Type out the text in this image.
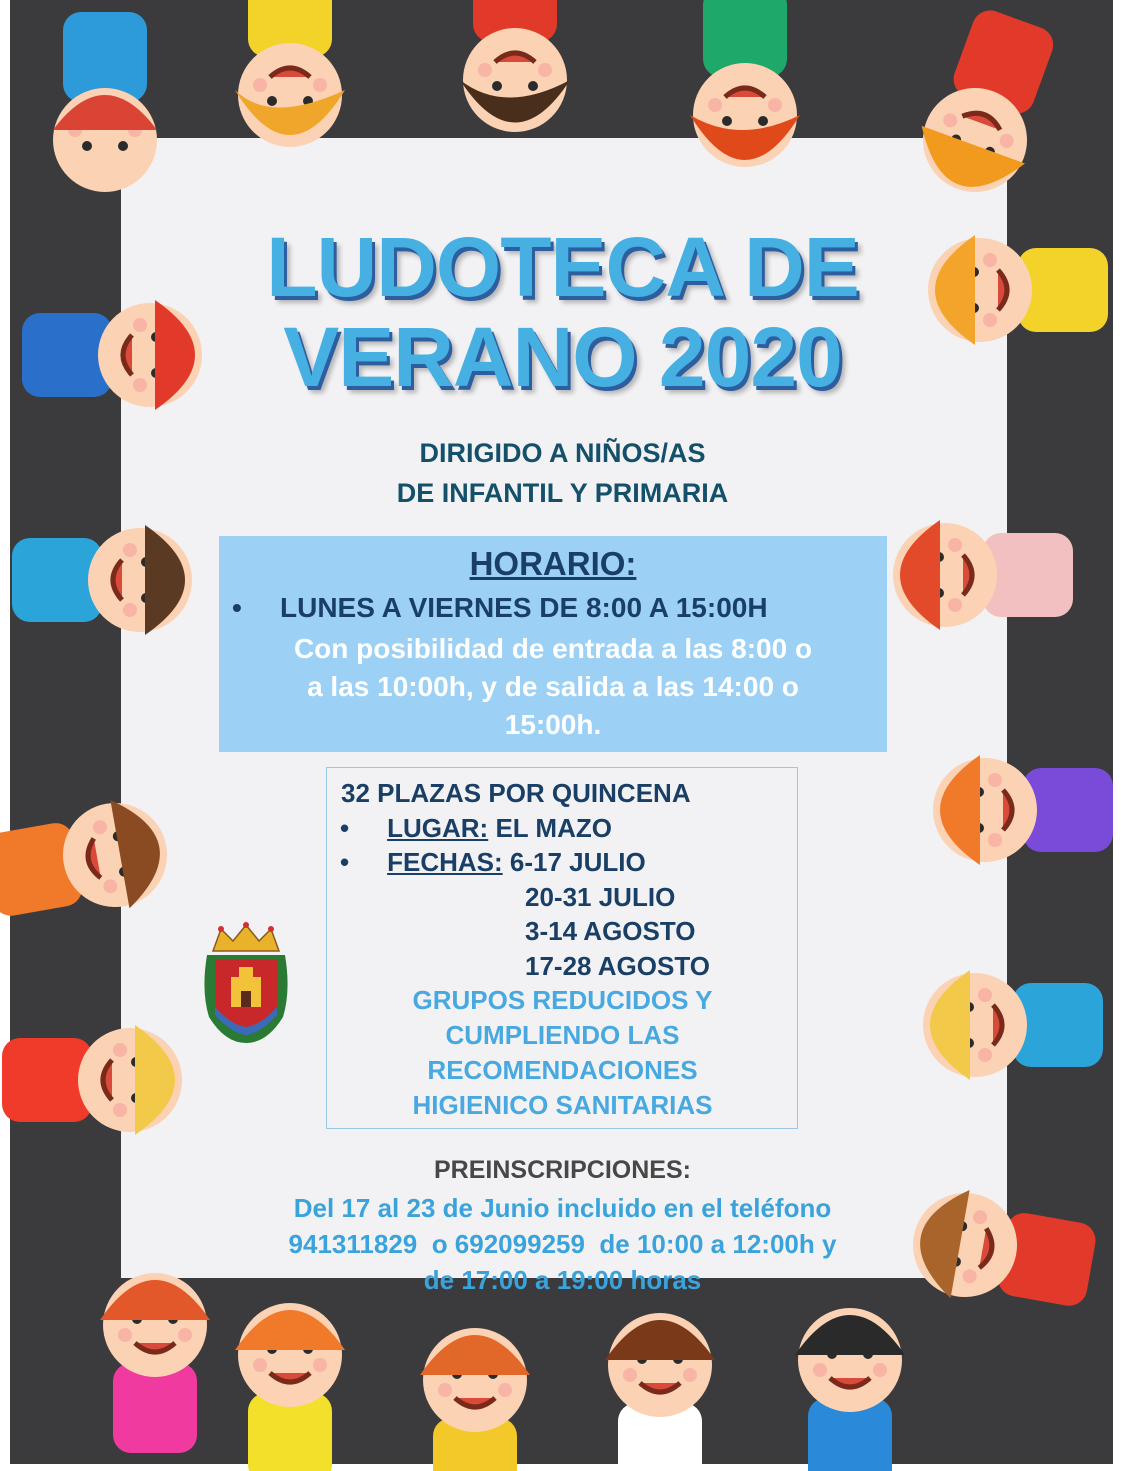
LUDOTECA DE
VERANO 2020

DIRIGIDO A NIÑOS/AS
DE INFANTIL Y PRIMARIA

HORARIO:
• LUNES A VIERNES DE 8:00 A 15:00H
Con posibilidad de entrada a las 8:00 o
a las 10:00h, y de salida a las 14:00 o
15:00h.
32 PLAZAS POR QUINCENA
• LUGAR: EL MAZO
• FECHAS: 6-17 JULIO
20-31 JULIO
3-14 AGOSTO
17-28 AGOSTO
GRUPOS REDUCIDOS Y
CUMPLIENDO LAS
RECOMENDACIONES
HIGIENICO SANITARIAS

PREINSCRIPCIONES:

Del 17 al 23 de Junio incluido en el teléfono
941311829  o 692099259  de 10:00 a 12:00h y
de 17:00 a 19:00 horas
